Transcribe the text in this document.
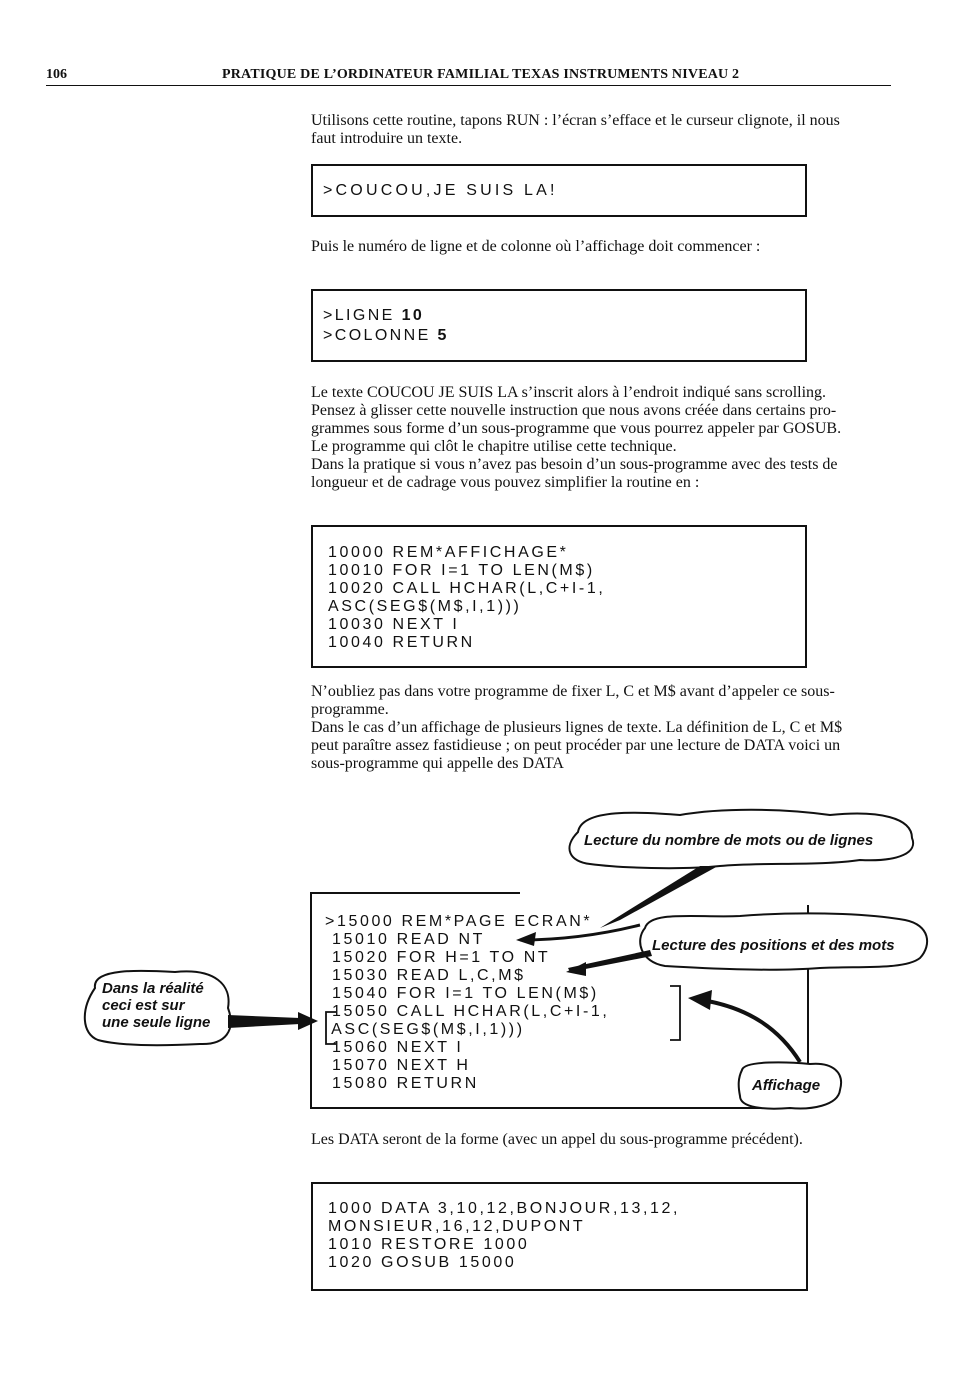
106	PRATIQUE DE L’ORDINATEUR FAMILIAL TEXAS INSTRUMENTS NIVEAU 2
Utilisons cette routine, tapons RUN : l’écran s’efface et le curseur clignote, il nous
faut introduire un texte.
>COUCOU,JE SUIS LA!
Puis le numéro de ligne et de colonne où l’affichage doit commencer :
>LIGNE 10
>COLONNE 5
Le texte COUCOU JE SUIS LA s’inscrit alors à l’endroit indiqué sans scrolling.
Pensez à glisser cette nouvelle instruction que nous avons créée dans certains pro-
grammes sous forme d’un sous-programme que vous pourrez appeler par GOSUB.
Le programme qui clôt le chapitre utilise cette technique.
Dans la pratique si vous n’avez pas besoin d’un sous-programme avec des tests de
longueur et de cadrage vous pouvez simplifier la routine en :
10000 REM*AFFICHAGE*
10010 FOR I=1 TO LEN(M$)
10020 CALL HCHAR(L,C+I-1,
ASC(SEG$(M$,I,1)))
10030 NEXT I
10040 RETURN
N’oubliez pas dans votre programme de fixer L, C et M$ avant d’appeler ce sous-
programme.
Dans le cas d’un affichage de plusieurs lignes de texte. La définition de L, C et M$
peut paraître assez fastidieuse ; on peut procéder par une lecture de DATA voici un
sous-programme qui appelle des DATA
>15000 REM*PAGE ECRAN*
15010 READ NT
15020 FOR H=1 TO NT
15030 READ L,C,M$
15040 FOR I=1 TO LEN(M$)
15050 CALL HCHAR(L,C+I-1,
ASC(SEG$(M$,I,1)))
15060 NEXT I
15070 NEXT H
15080 RETURN
Lecture du nombre de mots ou de lignes
Lecture des positions et des mots
Dans la réalité
ceci est sur
une seule ligne
Affichage
Les DATA seront de la forme (avec un appel du sous-programme précédent).
1000 DATA 3,10,12,BONJOUR,13,12,
MONSIEUR,16,12,DUPONT
1010 RESTORE 1000
1020 GOSUB 15000
